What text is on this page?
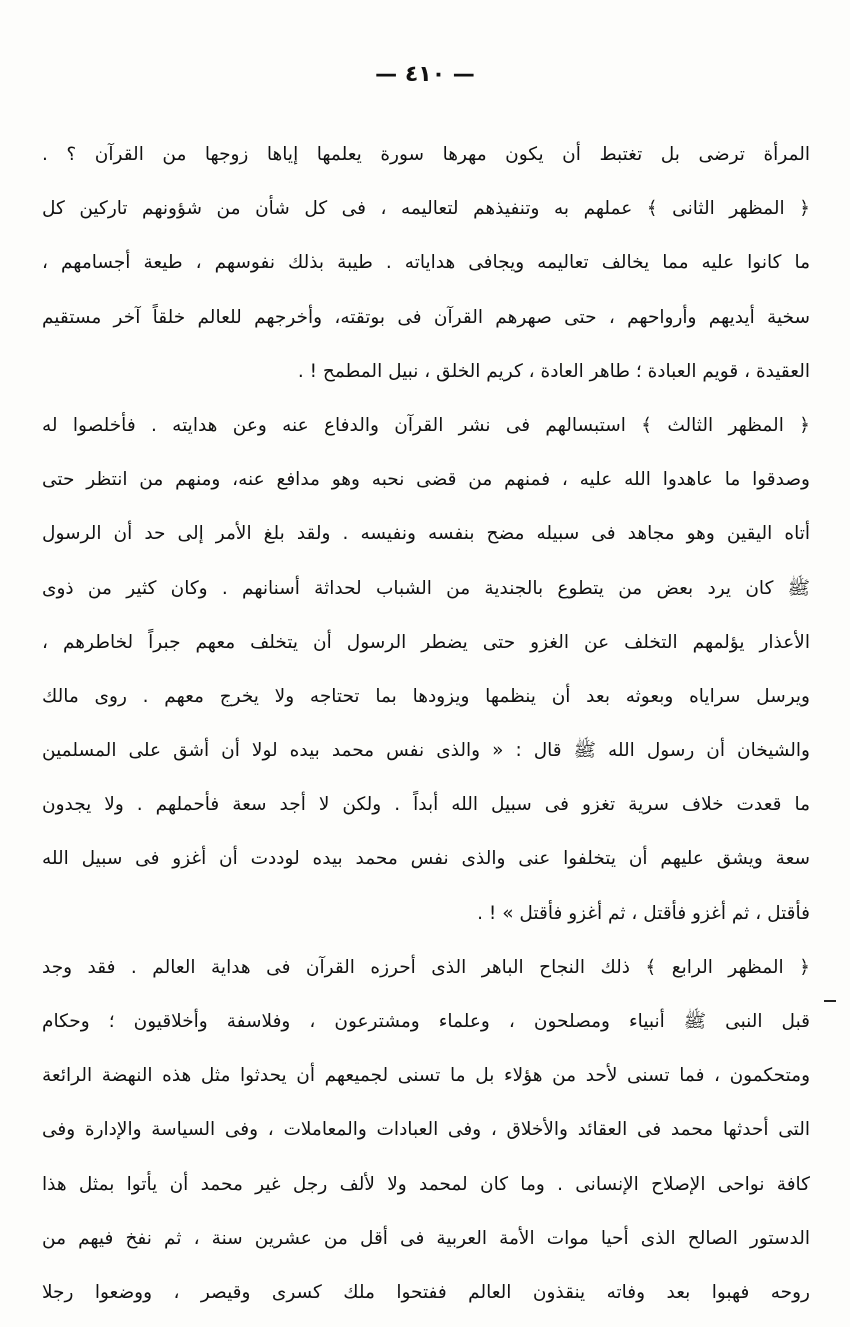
— ٤١٠ —
المرأة ترضى بل تغتبط أن يكون مهرها سورة يعلمها إياها زوجها من القرآن ؟ .
﴿ المظهر الثانى ﴾ عملهم به وتنفيذهم لتعاليمه ، فى كل شأن من شؤونهم تاركين كل
ما كانوا عليه مما يخالف تعاليمه ويجافى هداياته . طيبة بذلك نفوسهم ، طيعة أجسامهم ،
سخية أيديهم وأرواحهم ، حتى صهرهم القرآن فى بوتقته، وأخرجهم للعالم خلقاً آخر مستقيم
العقيدة ، قويم العبادة ؛ طاهر العادة ، كريم الخلق ، نبيل المطمح ! .
﴿ المظهر الثالث ﴾ استبسالهم فى نشر القرآن والدفاع عنه وعن هدايته . فأخلصوا له
وصدقوا ما عاهدوا الله عليه ، فمنهم من قضى نحبه وهو مدافع عنه، ومنهم من انتظر حتى
أتاه اليقين وهو مجاهد فى سبيله مضح بنفسه ونفيسه . ولقد بلغ الأمر إلى حد أن الرسول
ﷺ كان يرد بعض من يتطوع بالجندية من الشباب لحداثة أسنانهم . وكان كثير من ذوى
الأعذار يؤلمهم التخلف عن الغزو حتى يضطر الرسول أن يتخلف معهم جبراً لخاطرهم ،
ويرسل سراياه وبعوثه بعد أن ينظمها ويزودها بما تحتاجه ولا يخرج معهم . روى مالك
والشيخان أن رسول الله ﷺ قال : « والذى نفس محمد بيده لولا أن أشق على المسلمين
ما قعدت خلاف سرية تغزو فى سبيل الله أبداً . ولكن لا أجد سعة فأحملهم . ولا يجدون
سعة ويشق عليهم أن يتخلفوا عنى والذى نفس محمد بيده لوددت أن أغزو فى سبيل الله
فأقتل ، ثم أغزو فأقتل ، ثم أغزو فأقتل » ! .
﴿ المظهر الرابع ﴾ ذلك النجاح الباهر الذى أحرزه القرآن فى هداية العالم . فقد وجد
قبل النبى ﷺ أنبياء ومصلحون ، وعلماء ومشترعون ، وفلاسفة وأخلاقيون ؛ وحكام
ومتحكمون ، فما تسنى لأحد من هؤلاء بل ما تسنى لجميعهم أن يحدثوا مثل هذه النهضة الرائعة
التى أحدثها محمد فى العقائد والأخلاق ، وفى العبادات والمعاملات ، وفى السياسة والإدارة وفى
كافة نواحى الإصلاح الإنسانى . وما كان لمحمد ولا لألف رجل غير محمد أن يأتوا بمثل هذا
الدستور الصالح الذى أحيا موات الأمة العربية فى أقل من عشرين سنة ، ثم نفخ فيهم من
روحه فهبوا بعد وفاته ينقذون العالم ففتحوا ملك كسرى وقيصر ، ووضعوا رجلا
